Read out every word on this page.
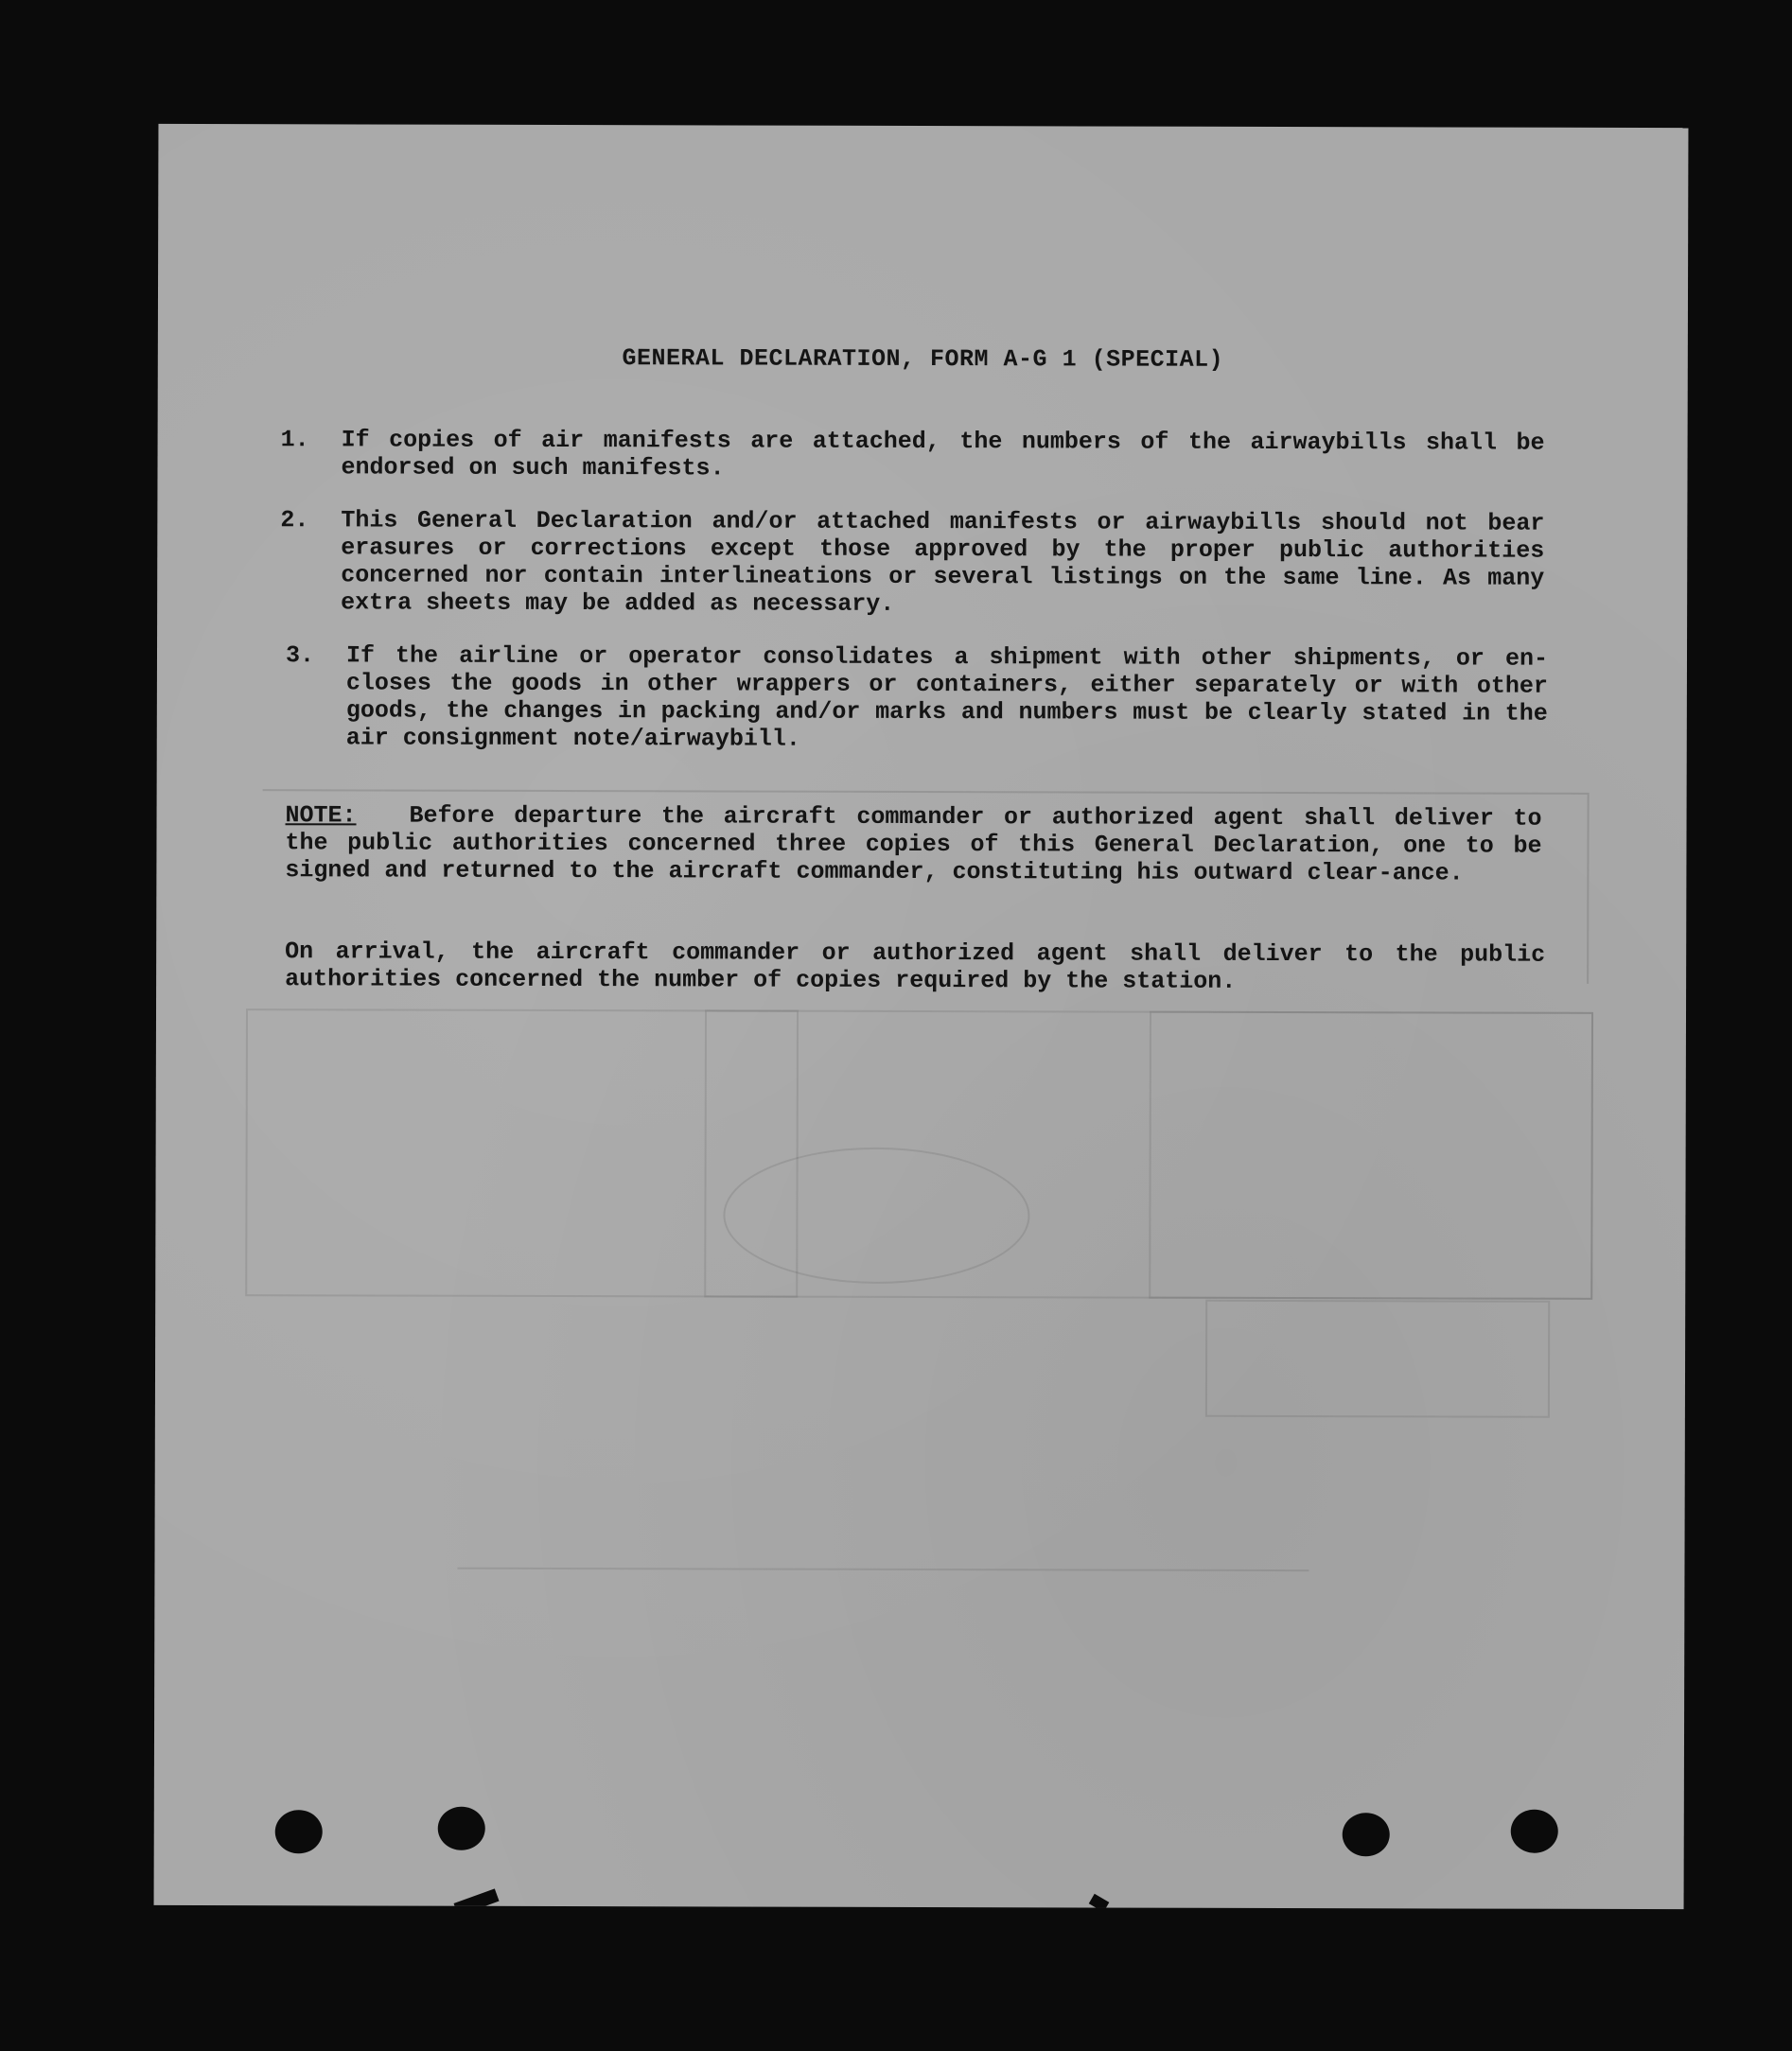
GENERAL DECLARATION, FORM A-G 1 (SPECIAL)
1.	If copies of air manifests are attached, the numbers of the airwaybills shall be endorsed on such manifests.
2.	This General Declaration and/or attached manifests or airwaybills should not bear erasures or corrections except those approved by the proper public authorities concerned nor contain interlineations or several listings on the same line. As many extra sheets may be added as necessary.
3.	If the airline or operator consolidates a shipment with other shipments, or en-closes the goods in other wrappers or containers, either separately or with other goods, the changes in packing and/or marks and numbers must be clearly stated in the air consignment note/airwaybill.
NOTE: Before departure the aircraft commander or authorized agent shall deliver to the public authorities concerned three copies of this General Declaration, one to be signed and returned to the aircraft commander, constituting his outward clear-ance.
On arrival, the aircraft commander or authorized agent shall deliver to the public authorities concerned the number of copies required by the station.
